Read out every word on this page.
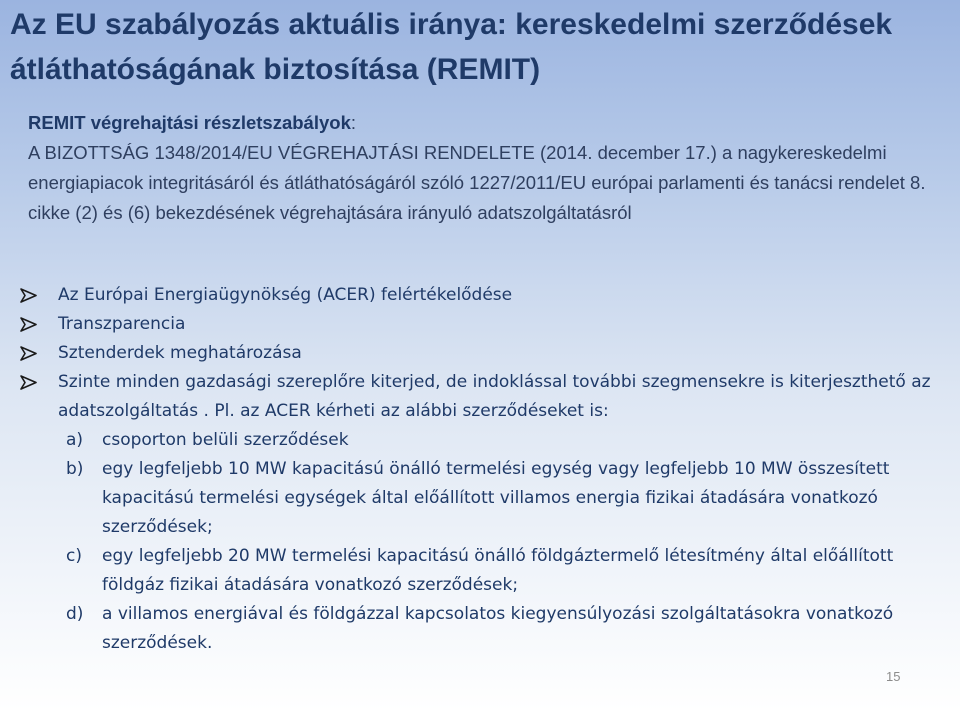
Az EU szabályozás aktuális iránya: kereskedelmi szerződések átláthatóságának biztosítása (REMIT)
REMIT végrehajtási részletszabályok:
A BIZOTTSÁG 1348/2014/EU VÉGREHAJTÁSI RENDELETE (2014. december 17.) a nagykereskedelmi energiapiacok integritásáról és átláthatóságáról szóló 1227/2011/EU európai parlamenti és tanácsi rendelet 8. cikke (2) és (6) bekezdésének végrehajtására irányuló adatszolgáltatásról
Az Európai Energiaügynökség (ACER) felértékelődése
Transzparencia
Sztenderdek meghatározása
Szinte minden gazdasági szereplőre kiterjed, de indoklással további szegmensekre is kiterjeszthető az adatszolgáltatás . Pl. az ACER kérheti az alábbi szerződéseket is:
a)	csoporton belüli szerződések
b)	egy legfeljebb 10 MW kapacitású önálló termelési egység vagy legfeljebb 10 MW összesített kapacitású termelési egységek által előállított villamos energia fizikai átadására vonatkozó szerződések;
c)	egy legfeljebb 20 MW termelési kapacitású önálló földgáztermelő létesítmény által előállított földgáz fizikai átadására vonatkozó szerződések;
d)	a villamos energiával és földgázzal kapcsolatos kiegyensúlyozási szolgáltatásokra vonatkozó szerződések.
15
